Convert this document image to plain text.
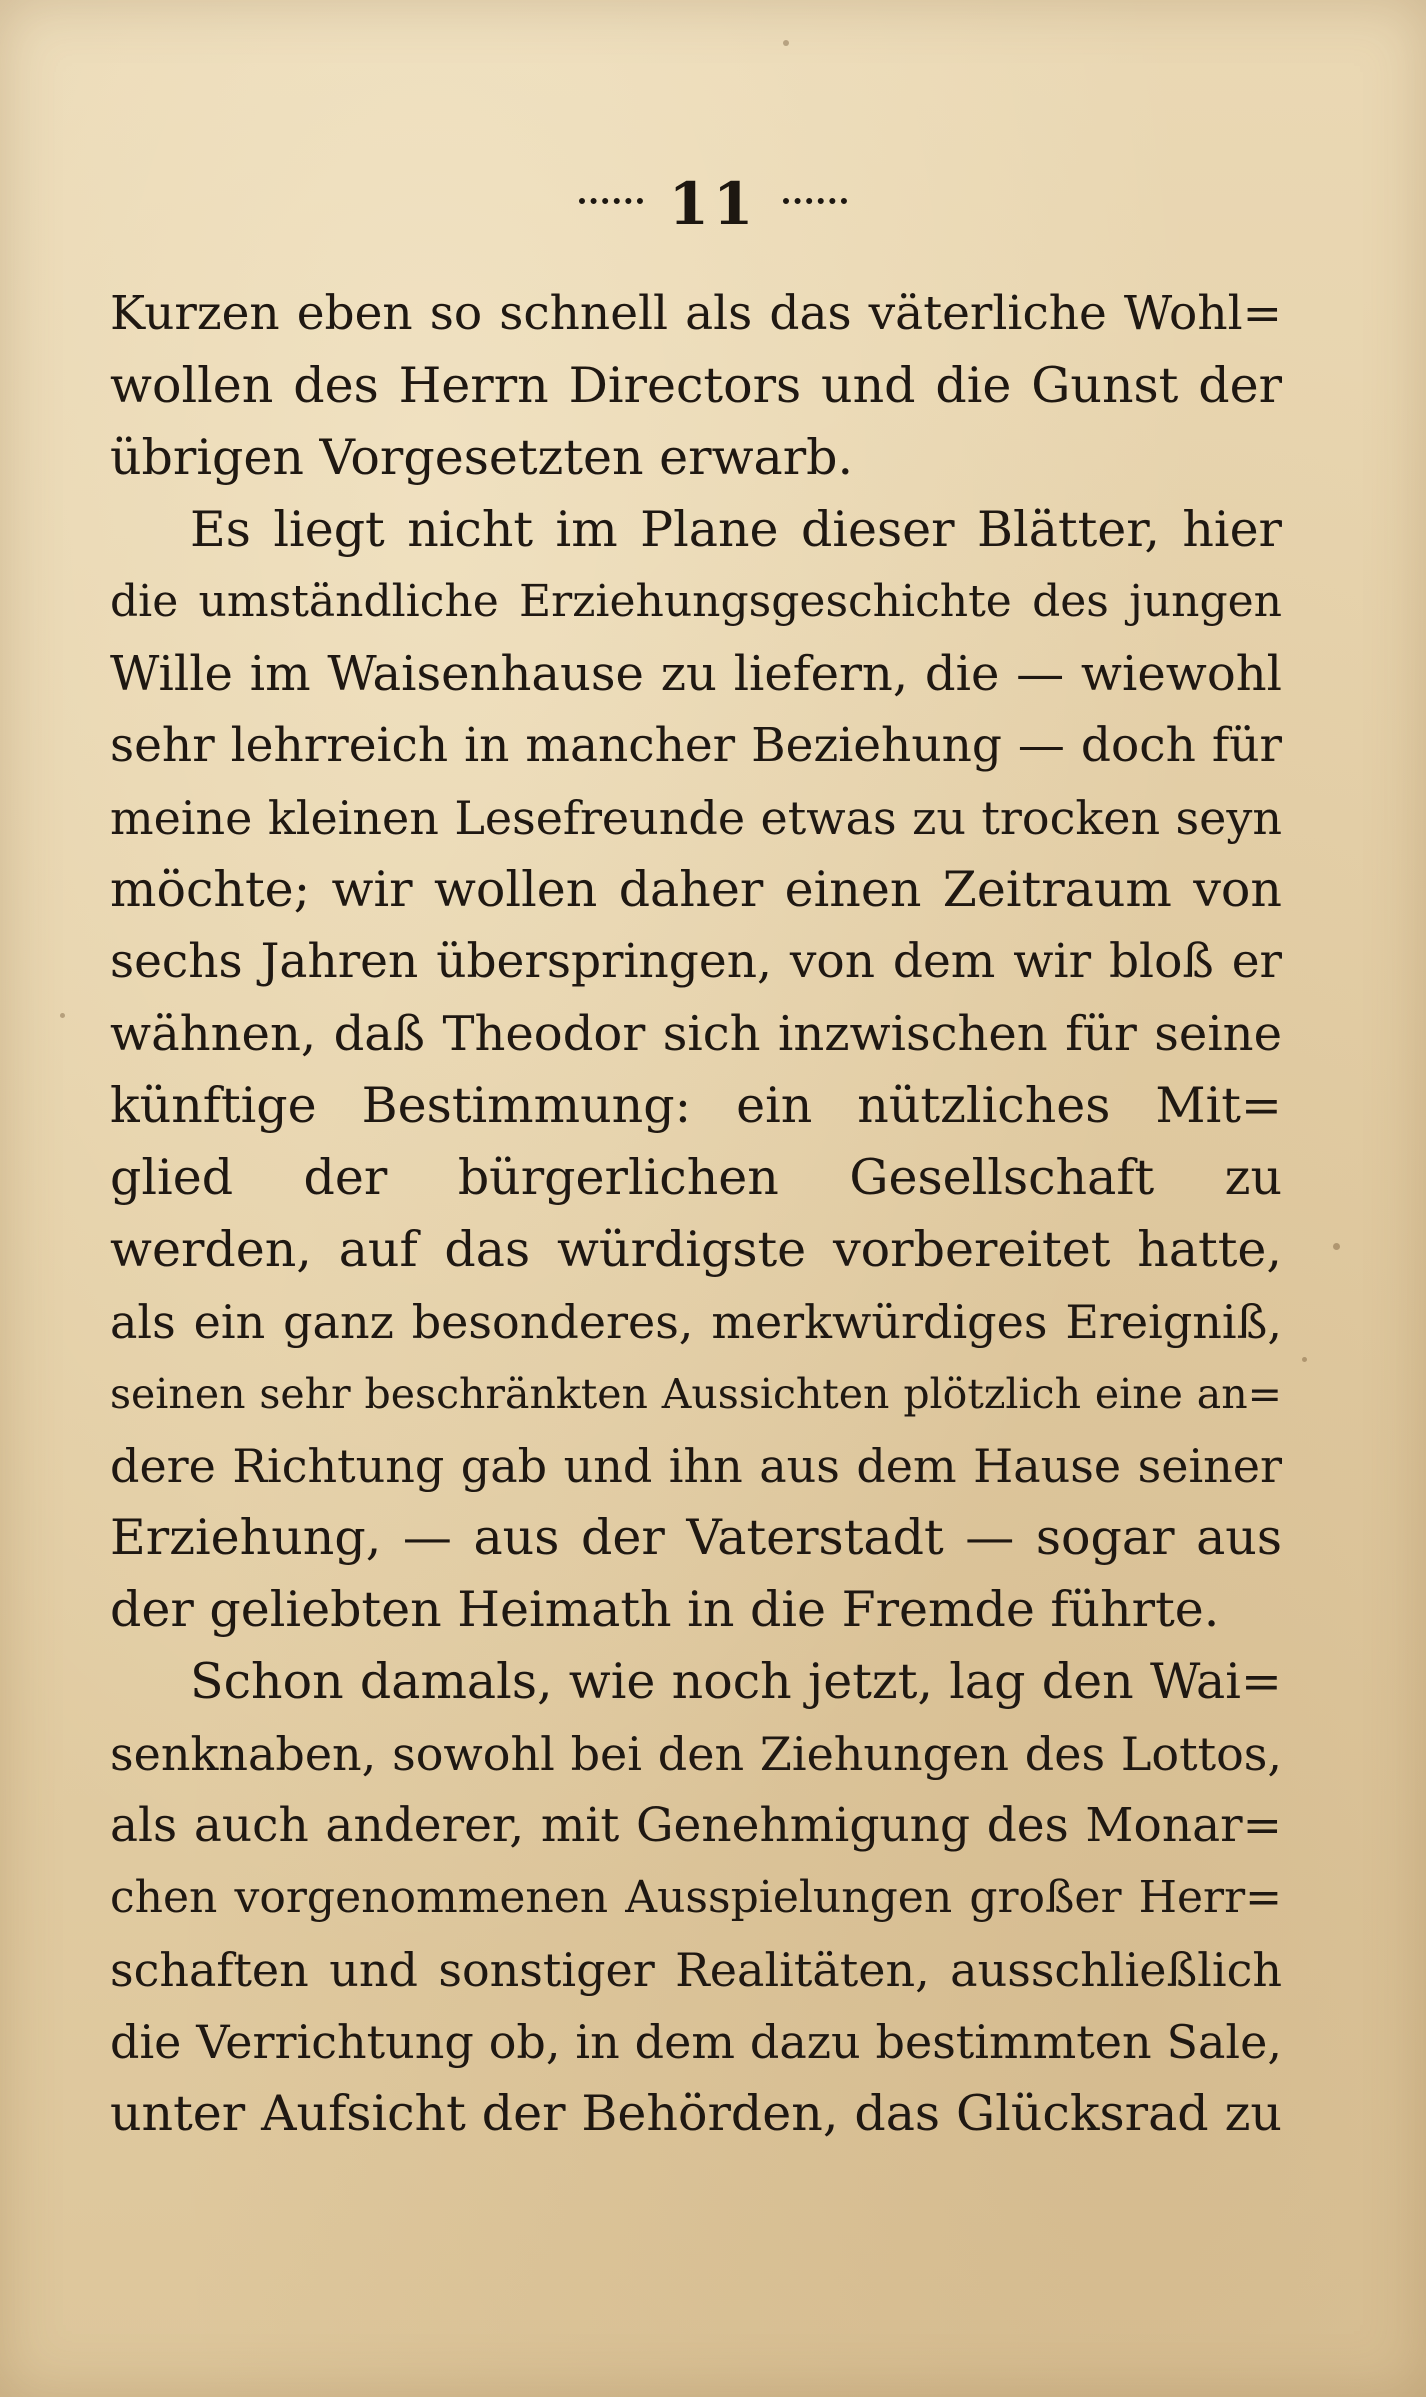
11
Kurzen eben so schnell als das väterliche Wohl=
wollen des Herrn Directors und die Gunst der
übrigen Vorgesetzten erwarb.
Es liegt nicht im Plane dieser Blätter, hier
die umständliche Erziehungsgeschichte des jungen
Wille im Waisenhause zu liefern, die — wiewohl
sehr lehrreich in mancher Beziehung — doch für
meine kleinen Lesefreunde etwas zu trocken seyn
möchte; wir wollen daher einen Zeitraum von
sechs Jahren überspringen, von dem wir bloß er
wähnen, daß Theodor sich inzwischen für seine
künftige Bestimmung: ein nützliches Mit=
glied der bürgerlichen Gesellschaft zu
werden, auf das würdigste vorbereitet hatte,
als ein ganz besonderes, merkwürdiges Ereigniß,
seinen sehr beschränkten Aussichten plötzlich eine an=
dere Richtung gab und ihn aus dem Hause seiner
Erziehung, — aus der Vaterstadt — sogar aus
der geliebten Heimath in die Fremde führte.
Schon damals, wie noch jetzt, lag den Wai=
senknaben, sowohl bei den Ziehungen des Lottos,
als auch anderer, mit Genehmigung des Monar=
chen vorgenommenen Ausspielungen großer Herr=
schaften und sonstiger Realitäten, ausschließlich
die Verrichtung ob, in dem dazu bestimmten Sale,
unter Aufsicht der Behörden, das Glücksrad zu
